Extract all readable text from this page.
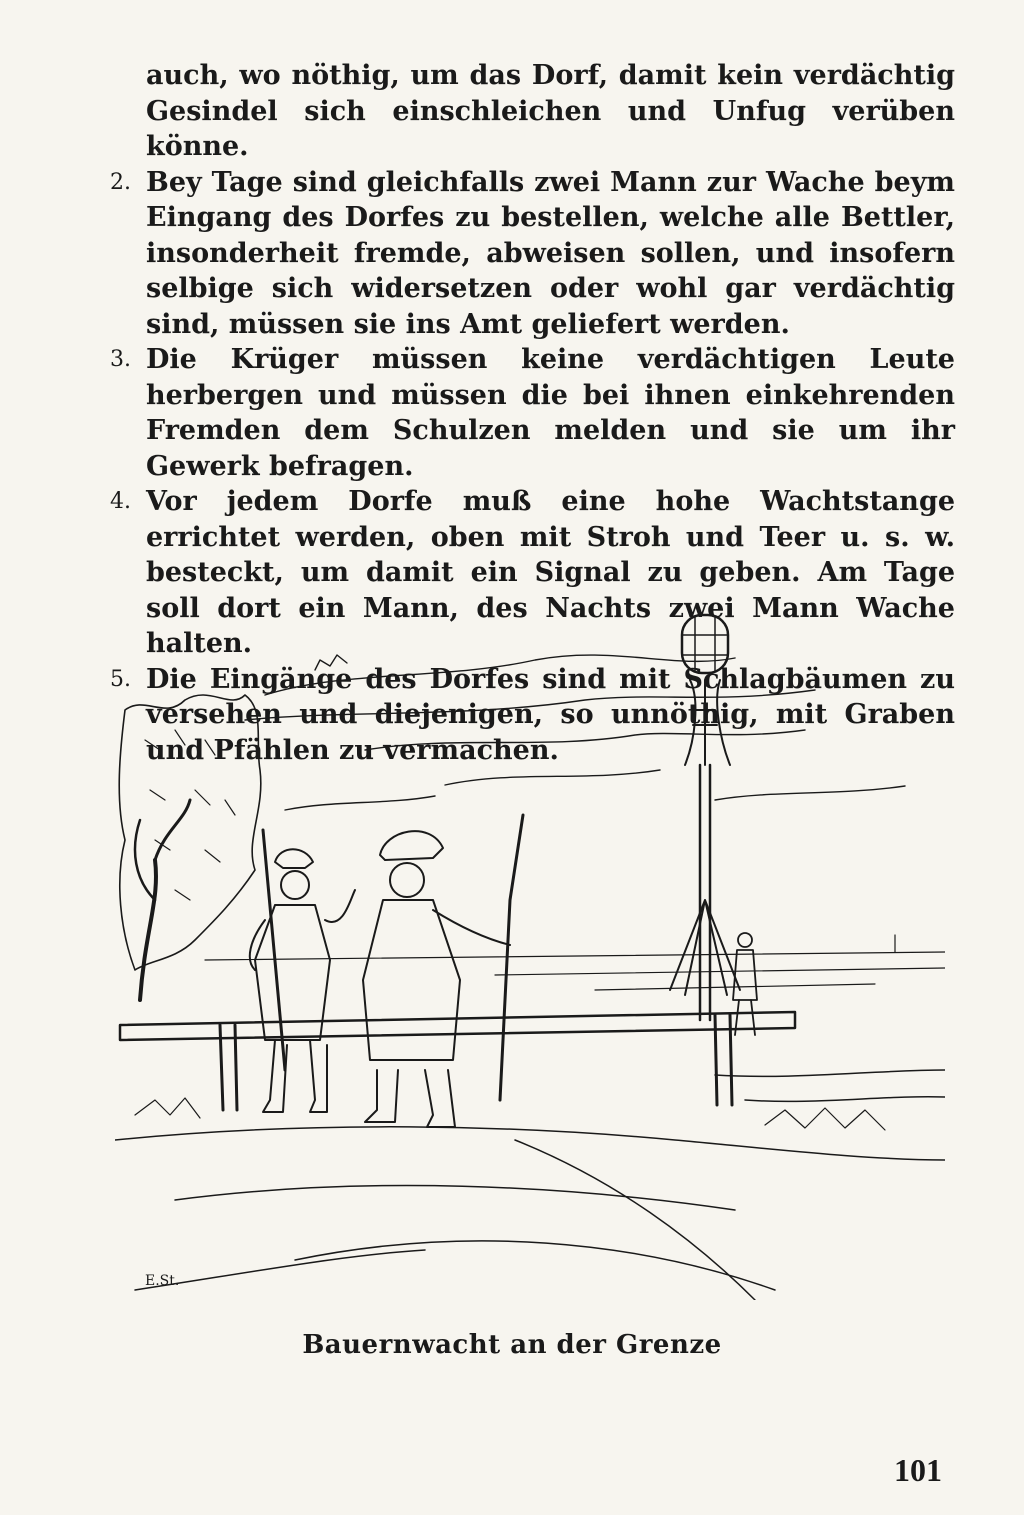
auch, wo nöthig, um das Dorf, damit kein verdächtig Gesindel sich einschleichen und Unfug verüben könne.

2. Bey Tage sind gleichfalls zwei Mann zur Wache beym Eingang des Dorfes zu bestellen, welche alle Bettler, insonderheit fremde, abweisen sollen, und insofern selbige sich widersetzen oder wohl gar verdächtig sind, müssen sie ins Amt geliefert werden.

3. Die Krüger müssen keine verdächtigen Leute herbergen und müssen die bei ihnen einkehrenden Fremden dem Schulzen melden und sie um ihr Gewerk befragen.

4. Vor jedem Dorfe muß eine hohe Wachtstange errichtet werden, oben mit Stroh und Teer u. s. w. besteckt, um damit ein Signal zu geben. Am Tage soll dort ein Mann, des Nachts zwei Mann Wache halten.

5. Die Eingänge des Dorfes sind mit Schlagbäumen zu versehen und diejenigen, so unnöthig, mit Graben und Pfählen zu vermachen.

E.St.
Bauernwacht an der Grenze
101
